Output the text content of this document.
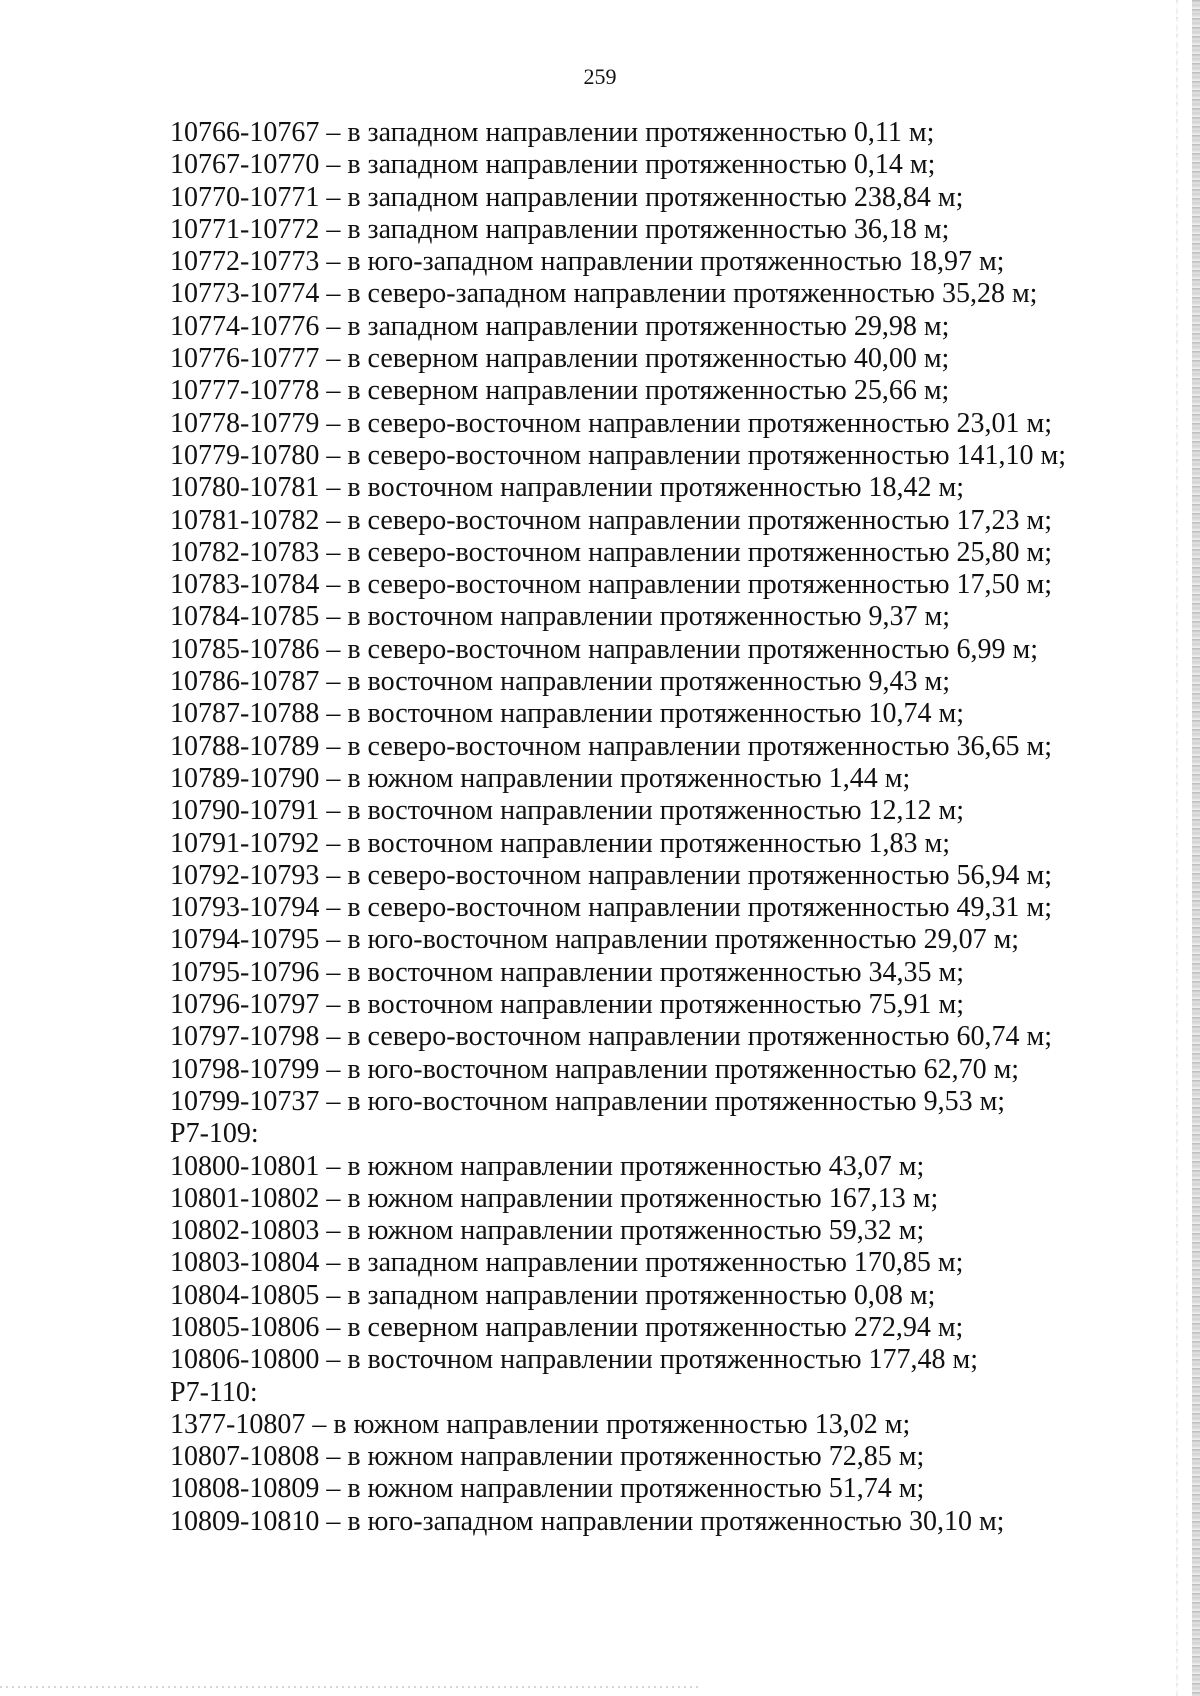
259
10766-10767 – в западном направлении протяженностью 0,11 м;
10767-10770 – в западном направлении протяженностью 0,14 м;
10770-10771 – в западном направлении протяженностью 238,84 м;
10771-10772 – в западном направлении протяженностью 36,18 м;
10772-10773 – в юго-западном направлении протяженностью 18,97 м;
10773-10774 – в северо-западном направлении протяженностью 35,28 м;
10774-10776 – в западном направлении протяженностью 29,98 м;
10776-10777 – в северном направлении протяженностью 40,00 м;
10777-10778 – в северном направлении протяженностью 25,66 м;
10778-10779 – в северо-восточном направлении протяженностью 23,01 м;
10779-10780 – в северо-восточном направлении протяженностью 141,10 м;
10780-10781 – в восточном направлении протяженностью 18,42 м;
10781-10782 – в северо-восточном направлении протяженностью 17,23 м;
10782-10783 – в северо-восточном направлении протяженностью 25,80 м;
10783-10784 – в северо-восточном направлении протяженностью 17,50 м;
10784-10785 – в восточном направлении протяженностью 9,37 м;
10785-10786 – в северо-восточном направлении протяженностью 6,99 м;
10786-10787 – в восточном направлении протяженностью 9,43 м;
10787-10788 – в восточном направлении протяженностью 10,74 м;
10788-10789 – в северо-восточном направлении протяженностью 36,65 м;
10789-10790 – в южном направлении протяженностью 1,44 м;
10790-10791 – в восточном направлении протяженностью 12,12 м;
10791-10792 – в восточном направлении протяженностью 1,83 м;
10792-10793 – в северо-восточном направлении протяженностью 56,94 м;
10793-10794 – в северо-восточном направлении протяженностью 49,31 м;
10794-10795 – в юго-восточном направлении протяженностью 29,07 м;
10795-10796 – в восточном направлении протяженностью 34,35 м;
10796-10797 – в восточном направлении протяженностью 75,91 м;
10797-10798 – в северо-восточном направлении протяженностью 60,74 м;
10798-10799 – в юго-восточном направлении протяженностью 62,70 м;
10799-10737 – в юго-восточном направлении протяженностью 9,53 м;
Р7-109:
10800-10801 – в южном направлении протяженностью 43,07 м;
10801-10802 – в южном направлении протяженностью 167,13 м;
10802-10803 – в южном направлении протяженностью 59,32 м;
10803-10804 – в западном направлении протяженностью 170,85 м;
10804-10805 – в западном направлении протяженностью 0,08 м;
10805-10806 – в северном направлении протяженностью 272,94 м;
10806-10800 – в восточном направлении протяженностью 177,48 м;
Р7-110:
1377-10807 – в южном направлении протяженностью 13,02 м;
10807-10808 – в южном направлении протяженностью 72,85 м;
10808-10809 – в южном направлении протяженностью 51,74 м;
10809-10810 – в юго-западном направлении протяженностью 30,10 м;
